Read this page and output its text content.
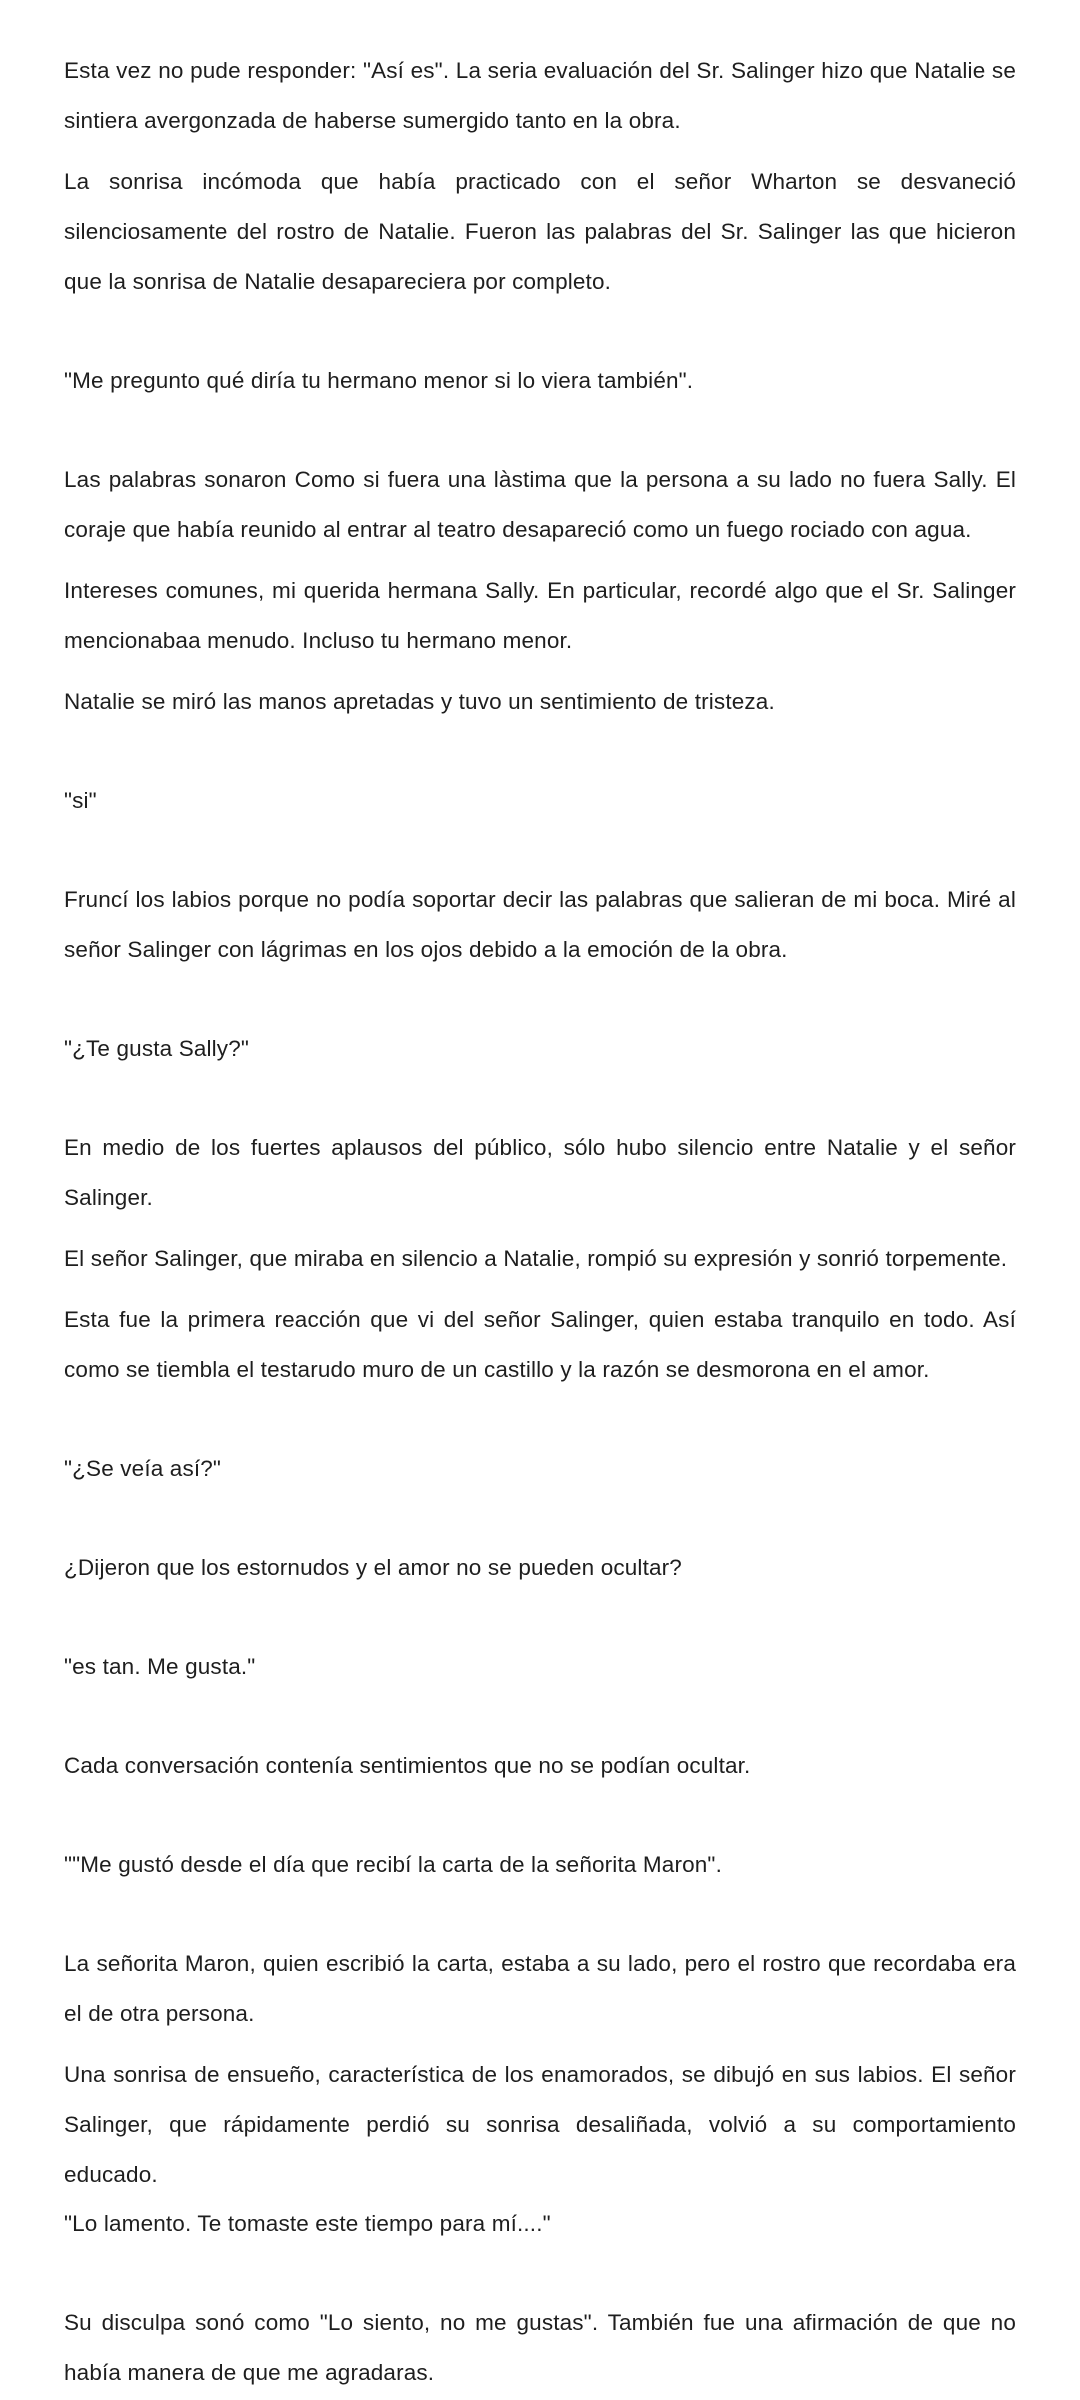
Esta vez no pude responder: "Así es". La seria evaluación del Sr. Salinger hizo que Natalie se sintiera avergonzada de haberse sumergido tanto en la obra.

La sonrisa incómoda que había practicado con el señor Wharton se desvaneció silenciosamente del rostro de Natalie. Fueron las palabras del Sr. Salinger las que hicieron que la sonrisa de Natalie desapareciera por completo.

"Me pregunto qué diría tu hermano menor si lo viera también".

Las palabras sonaron Como si fuera una làstima que la persona a su lado no fuera Sally. El coraje que había reunido al entrar al teatro desapareció como un fuego rociado con agua.

Intereses comunes, mi querida hermana Sally. En particular, recordé algo que el Sr. Salinger mencionabaa menudo. Incluso tu hermano menor.

Natalie se miró las manos apretadas y tuvo un sentimiento de tristeza.

"si"

Fruncí los labios porque no podía soportar decir las palabras que salieran de mi boca. Miré al señor Salinger con lágrimas en los ojos debido a la emoción de la obra.

"¿Te gusta Sally?"

En medio de los fuertes aplausos del público, sólo hubo silencio entre Natalie y el señor Salinger.

El señor Salinger, que miraba en silencio a Natalie, rompió su expresión y sonrió torpemente.

Esta fue la primera reacción que vi del señor Salinger, quien estaba tranquilo en todo. Así como se tiembla el testarudo muro de un castillo y la razón se desmorona en el amor.

"¿Se veía así?"

¿Dijeron que los estornudos y el amor no se pueden ocultar?

"es tan. Me gusta."

Cada conversación contenía sentimientos que no se podían ocultar.

""Me gustó desde el día que recibí la carta de la señorita Maron".

La señorita Maron, quien escribió la carta, estaba a su lado, pero el rostro que recordaba era el de otra persona.

Una sonrisa de ensueño, característica de los enamorados, se dibujó en sus labios. El señor Salinger, que rápidamente perdió su sonrisa desaliñada, volvió a su comportamiento educado.

"Lo lamento. Te tomaste este tiempo para mí...."

Su disculpa sonó como "Lo siento, no me gustas". También fue una afirmación de que no había manera de que me agradaras.
